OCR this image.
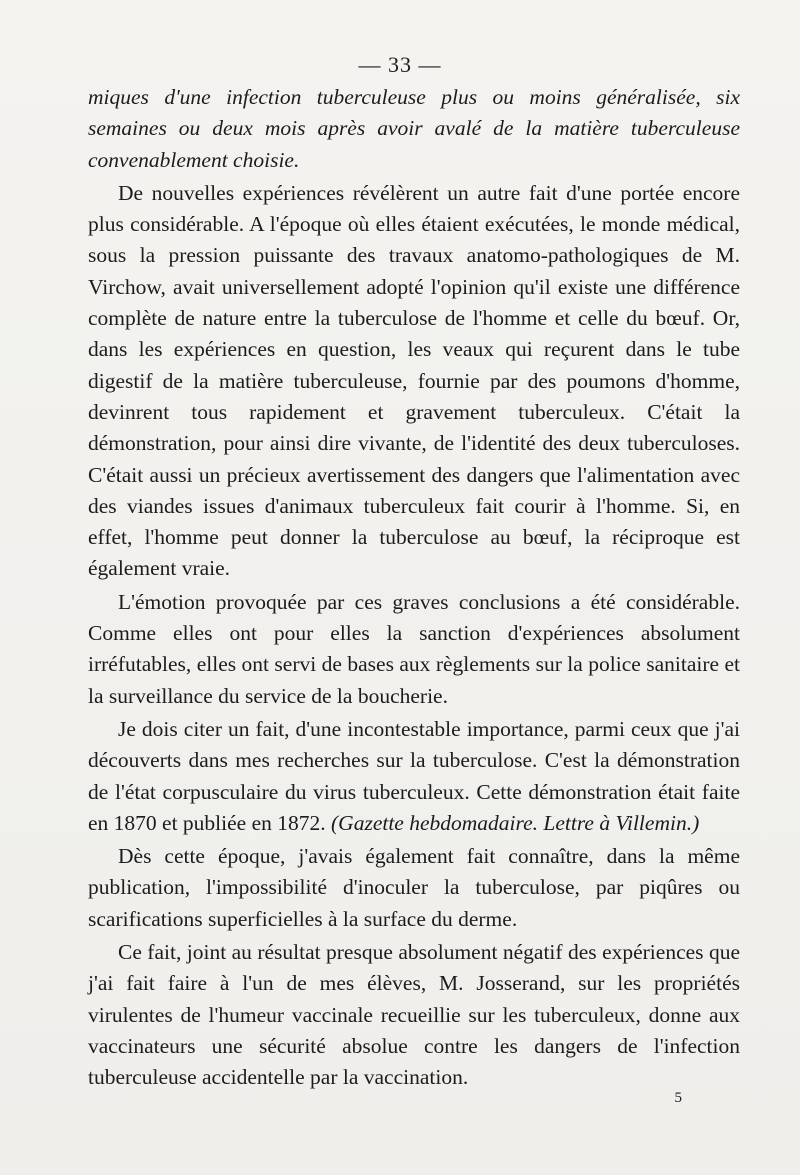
— 33 —

miques d'une infection tuberculeuse plus ou moins généralisée, six semaines ou deux mois après avoir avalé de la matière tuberculeuse convenablement choisie.

De nouvelles expériences révélèrent un autre fait d'une portée encore plus considérable. A l'époque où elles étaient exécutées, le monde médical, sous la pression puissante des travaux anatomo-pathologiques de M. Virchow, avait universellement adopté l'opinion qu'il existe une différence complète de nature entre la tuberculose de l'homme et celle du bœuf. Or, dans les expériences en question, les veaux qui reçurent dans le tube digestif de la matière tuberculeuse, fournie par des poumons d'homme, devinrent tous rapidement et gravement tuberculeux. C'était la démonstration, pour ainsi dire vivante, de l'identité des deux tuberculoses. C'était aussi un précieux avertissement des dangers que l'alimentation avec des viandes issues d'animaux tuberculeux fait courir à l'homme. Si, en effet, l'homme peut donner la tuberculose au bœuf, la réciproque est également vraie.

L'émotion provoquée par ces graves conclusions a été considérable. Comme elles ont pour elles la sanction d'expériences absolument irréfutables, elles ont servi de bases aux règlements sur la police sanitaire et la surveillance du service de la boucherie.

Je dois citer un fait, d'une incontestable importance, parmi ceux que j'ai découverts dans mes recherches sur la tuberculose. C'est la démonstration de l'état corpusculaire du virus tuberculeux. Cette démonstration était faite en 1870 et publiée en 1872. (Gazette hebdomadaire. Lettre à Villemin.)

Dès cette époque, j'avais également fait connaître, dans la même publication, l'impossibilité d'inoculer la tuberculose, par piqûres ou scarifications superficielles à la surface du derme.

Ce fait, joint au résultat presque absolument négatif des expériences que j'ai fait faire à l'un de mes élèves, M. Josserand, sur les propriétés virulentes de l'humeur vaccinale recueillie sur les tuberculeux, donne aux vaccinateurs une sécurité absolue contre les dangers de l'infection tuberculeuse accidentelle par la vaccination.

5
